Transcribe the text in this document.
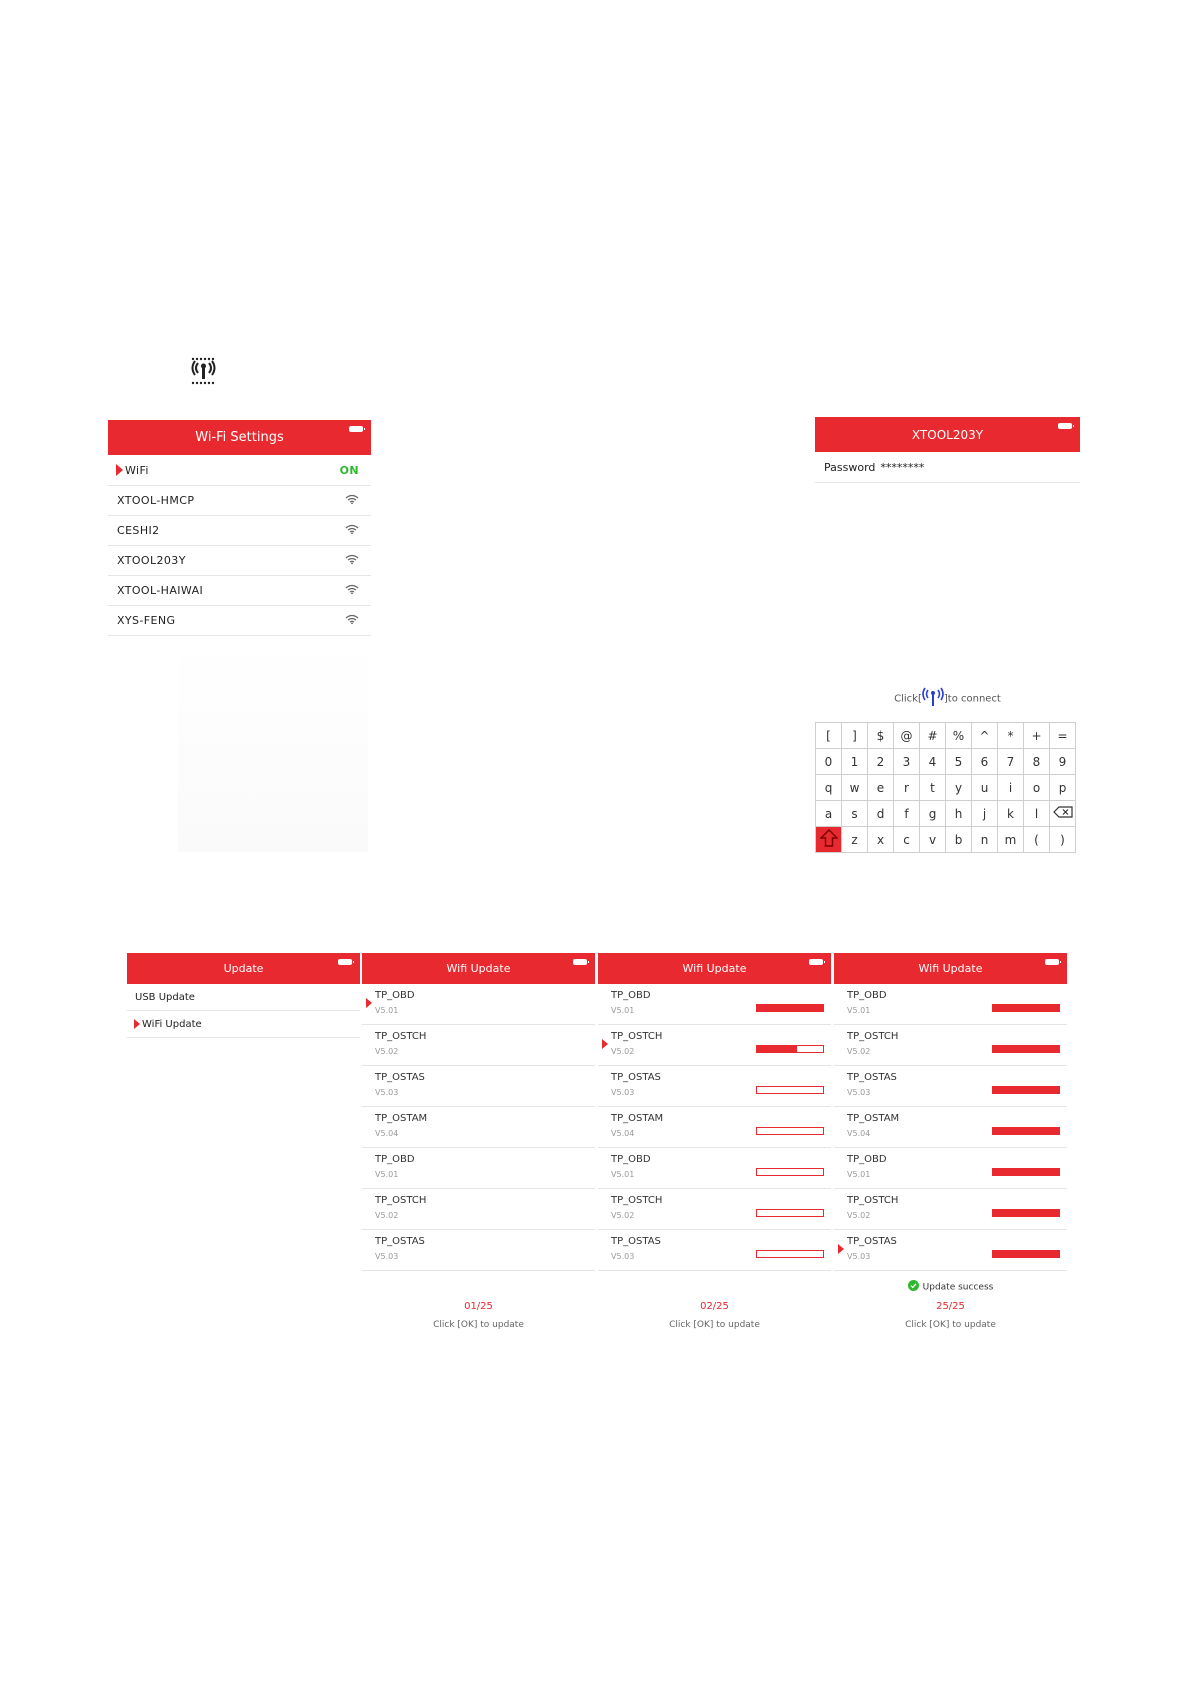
Wi-Fi Settings
WiFi	ON
XTOOL-HMCP
CESHI2
XTOOL203Y
XTOOL-HAIWAI
XYS-FENG
XTOOL203Y
Password ********
Click[ ]to connect
[	]	$	@	#	%	^	*	+	=
0	1	2	3	4	5	6	7	8	9
q	w	e	r	t	y	u	i	o	p
a	s	d	f	g	h	j	k	l	
	z	x	c	v	b	n	m	(	)
Update
USB Update
WiFi Update
Wifi Update
TP_OBD
V5.01
TP_OSTCH
V5.02
TP_OSTAS
V5.03
TP_OSTAM
V5.04
TP_OBD
V5.01
TP_OSTCH
V5.02
TP_OSTAS
V5.03
01/25
Click [OK] to update
Wifi Update
TP_OBD
V5.01
TP_OSTCH
V5.02
TP_OSTAS
V5.03
TP_OSTAM
V5.04
TP_OBD
V5.01
TP_OSTCH
V5.02
TP_OSTAS
V5.03
02/25
Click [OK] to update
Wifi Update
TP_OBD
V5.01
TP_OSTCH
V5.02
TP_OSTAS
V5.03
TP_OSTAM
V5.04
TP_OBD
V5.01
TP_OSTCH
V5.02
TP_OSTAS
V5.03
Update success
25/25
Click [OK] to update
